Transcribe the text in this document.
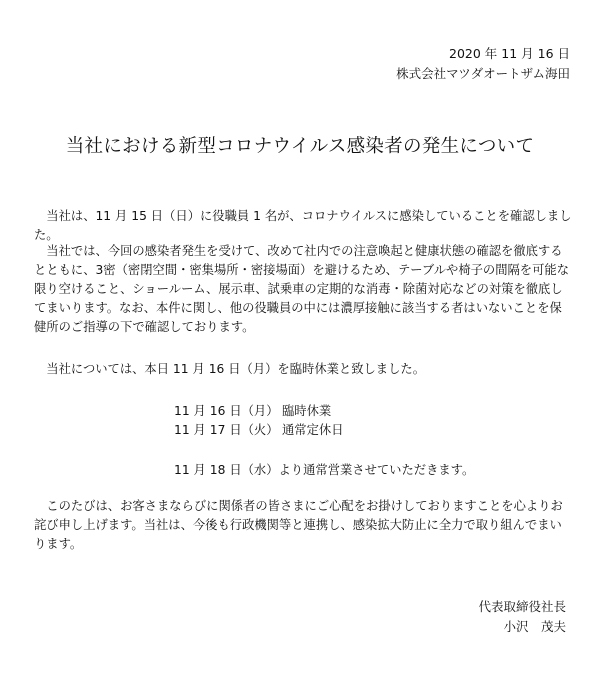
2020 年 11 月 16 日
株式会社マツダオートザム海田
当社における新型コロナウイルス感染者の発生について

当社は、11 月 15 日（日）に役職員 1 名が、コロナウイルスに感染していることを確認しました。

当社では、今回の感染者発生を受けて、改めて社内での注意喚起と健康状態の確認を徹底するとともに、3密（密閉空間・密集場所・密接場面）を避けるため、テーブルや椅子の間隔を可能な限り空けること、ショールーム、展示車、試乗車の定期的な消毒・除菌対応などの対策を徹底してまいります。なお、本件に関し、他の役職員の中には濃厚接触に該当する者はいないことを保健所のご指導の下で確認しております。

当社については、本日 11 月 16 日（月）を臨時休業と致しました。

11 月 16 日（月） 臨時休業
11 月 17 日（火） 通常定休日
11 月 18 日（水）より通常営業させていただきます。

このたびは、お客さまならびに関係者の皆さまにご心配をお掛けしておりますことを心よりお詫び申し上げます。当社は、今後も行政機関等と連携し、感染拡大防止に全力で取り組んでまいります。

代表取締役社長
小沢　茂夫
